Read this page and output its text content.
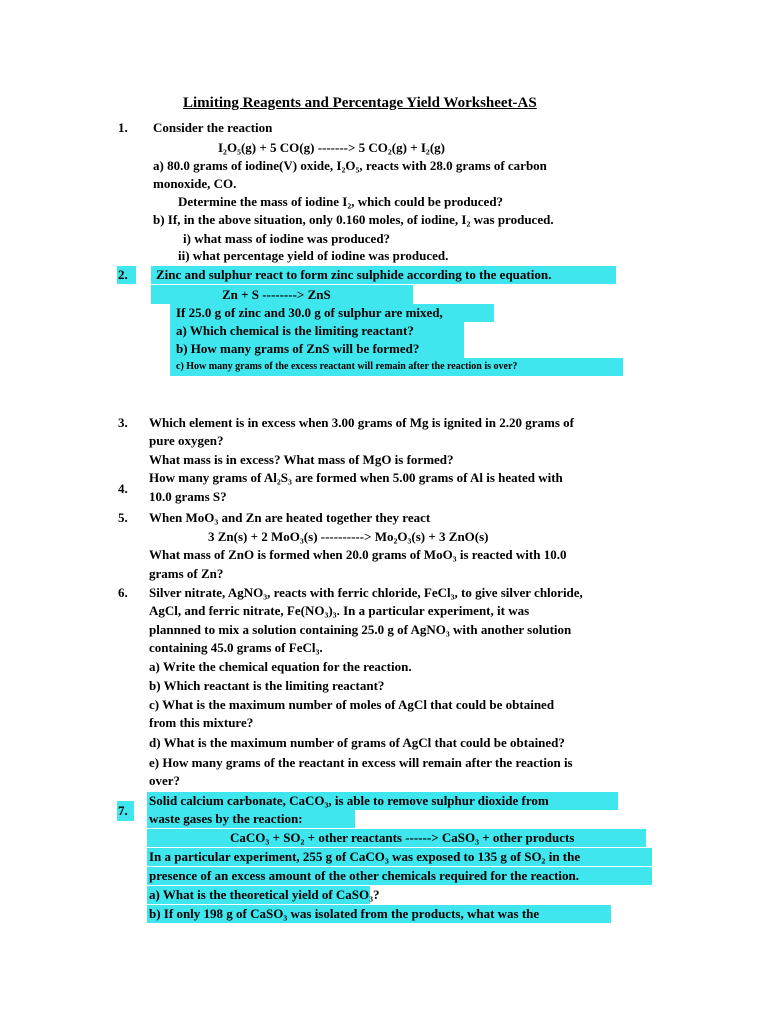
Limiting Reagents and Percentage Yield Worksheet-AS
1. Consider the reaction
I₂O₅(g) + 5 CO(g) -------> 5 CO₂(g) + I₂(g)
a) 80.0 grams of iodine(V) oxide, I₂O₅, reacts with 28.0 grams of carbon
monoxide, CO.
Determine the mass of iodine I₂, which could be produced?
b) If, in the above situation, only 0.160 moles, of iodine, I₂ was produced.
i) what mass of iodine was produced?
ii) what percentage yield of iodine was produced.
2. Zinc and sulphur react to form zinc sulphide according to the equation.
Zn + S --------> ZnS
If 25.0 g of zinc and 30.0 g of sulphur are mixed,
a) Which chemical is the limiting reactant?
b) How many grams of ZnS will be formed?
c) How many grams of the excess reactant will remain after the reaction is over?
3. Which element is in excess when 3.00 grams of Mg is ignited in 2.20 grams of
pure oxygen?
What mass is in excess? What mass of MgO is formed?
How many grams of Al₂S₃ are formed when 5.00 grams of Al is heated with
4.
10.0 grams S?
5. When MoO₃ and Zn are heated together they react
3 Zn(s) + 2 MoO₃(s) ----------> Mo₂O₃(s) + 3 ZnO(s)
What mass of ZnO is formed when 20.0 grams of MoO₃ is reacted with 10.0
grams of Zn?
6. Silver nitrate, AgNO₃, reacts with ferric chloride, FeCl₃, to give silver chloride,
AgCl, and ferric nitrate, Fe(NO₃)₃. In a particular experiment, it was
plannned to mix a solution containing 25.0 g of AgNO₃ with another solution
containing 45.0 grams of FeCl₃.
a) Write the chemical equation for the reaction.
b) Which reactant is the limiting reactant?
c) What is the maximum number of moles of AgCl that could be obtained
from this mixture?
d) What is the maximum number of grams of AgCl that could be obtained?
e) How many grams of the reactant in excess will remain after the reaction is
over?
7.
Solid calcium carbonate, CaCO₃, is able to remove sulphur dioxide from
waste gases by the reaction:
CaCO₃ + SO₂ + other reactants ------> CaSO₃ + other products
In a particular experiment, 255 g of CaCO₃ was exposed to 135 g of SO₂ in the
presence of an excess amount of the other chemicals required for the reaction.
a) What is the theoretical yield of CaSO₃?
b) If only 198 g of CaSO₃ was isolated from the products, what was the
